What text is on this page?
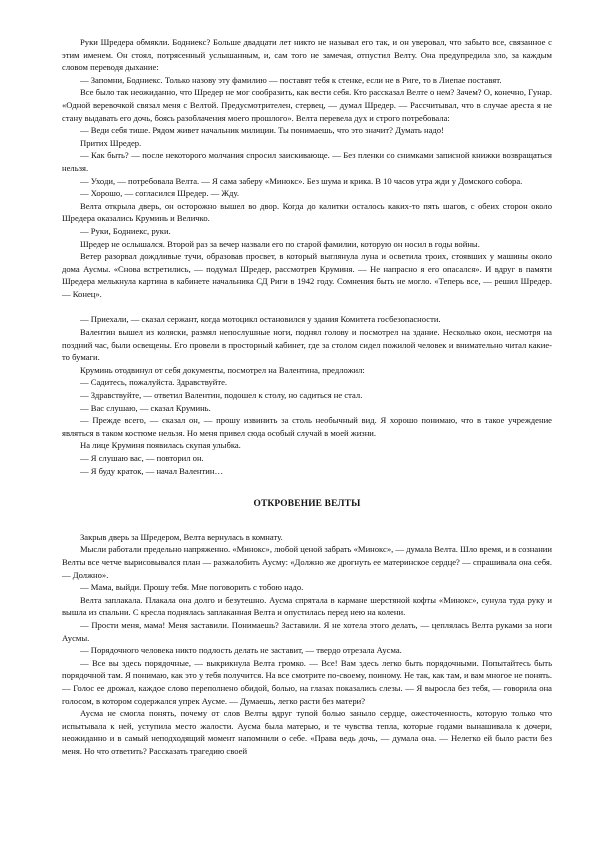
Руки Шредера обмякли. Бодниекс? Больше двадцати лет никто не называл его так, и он уверовал, что забыто все, связанное с этим именем. Он стоял, потрясенный услышанным, и, сам того не замечая, отпустил Велту. Она предупредила зло, за каждым словом переводя дыхание:

— Запомни, Бодниекс. Только назову эту фамилию — поставят тебя к стенке, если не в Риге, то в Лиепае поставят.

Все было так неожиданно, что Шредер не мог сообразить, как вести себя. Кто рассказал Велте о нем? Зачем? О, конечно, Гунар. «Одной веревочкой связал меня с Велтой. Предусмотрителен, стервец, — думал Шредер. — Рассчитывал, что в случае ареста я не стану выдавать его дочь, боясь разоблачения моего прошлого». Велта перевела дух и строго потребовала:

— Веди себя тише. Рядом живет начальник милиции. Ты понимаешь, что это значит? Думать надо!

Притих Шредер.

— Как быть? — после некоторого молчания спросил заискивающе. — Без пленки со снимками записной книжки возвращаться нельзя.

— Уходи, — потребовала Велта. — Я сама заберу «Минокс». Без шума и крика. В 10 часов утра жди у Домского собора.

— Хорошо, — согласился Шредер. — Жду.

Велта открыла дверь, он осторожно вышел во двор. Когда до калитки осталось каких-то пять шагов, с обеих сторон около Шредера оказались Круминь и Величко.

— Руки, Бодниекс, руки.

Шредер не ослышался. Второй раз за вечер назвали его по старой фамилии, которую он носил в годы войны.

Ветер разорвал дождливые тучи, образовав просвет, в который выглянула луна и осветила троих, стоявших у машины около дома Аусмы. «Снова встретились, — подумал Шредер, рассмотрев Круминя. — Не напрасно я его опасался». И вдруг в памяти Шредера мелькнула картина в кабинете начальника СД Риги в 1942 году. Сомнения быть не могло. «Теперь все, — решил Шредер. — Конец».

— Приехали, — сказал сержант, когда мотоцикл остановился у здания Комитета госбезопасности.

Валентин вышел из коляски, размял непослушные ноги, поднял голову и посмотрел на здание. Несколько окон, несмотря на поздний час, были освещены. Его провели в просторный кабинет, где за столом сидел пожилой человек и внимательно читал какие-то бумаги.

Круминь отодвинул от себя документы, посмотрел на Валентина, предложил:

— Садитесь, пожалуйста. Здравствуйте.

— Здравствуйте, — ответил Валентин, подошел к столу, но садиться не стал.

— Вас слушаю, — сказал Круминь.

— Прежде всего, — сказал он, — прошу извинить за столь необычный вид. Я хорошо понимаю, что в такое учреждение являться в таком костюме нельзя. Но меня привел сюда особый случай в моей жизни.

На лице Круминя появилась скупая улыбка.

— Я слушаю вас, — повторил он.

— Я буду краток, — начал Валентин…

ОТКРОВЕНИЕ ВЕЛТЫ

Закрыв дверь за Шредером, Велта вернулась в комнату.

Мысли работали предельно напряженно. «Минокс», любой ценой забрать «Минокс», — думала Велта. Шло время, и в сознании Велты все четче вырисовывался план — разжалобить Аусму: «Должно же дрогнуть ее материнское сердце? — спрашивала она себя. — Должно».

— Мама, выйди. Прошу тебя. Мне поговорить с тобою надо.

Велта заплакала. Плакала она долго и безутешно. Аусма спрятала в кармане шерстяной кофты «Минокс», сунула туда руку и вышла из спальни. С кресла поднялась заплаканная Велта и опустилась перед нею на колени.

— Прости меня, мама! Меня заставили. Понимаешь? Заставили. Я не хотела этого делать, — цеплялась Велта руками за ноги Аусмы.

— Порядочного человека никто подлость делать не заставит, — твердо отрезала Аусма.

— Все вы здесь порядочные, — выкрикнула Велта громко. — Все! Вам здесь легко быть порядочными. Попытайтесь быть порядочной там. Я понимаю, как это у тебя получится. На все смотрите по-своему, поиному. Не так, как там, и вам многое не понять. — Голос ее дрожал, каждое слово переполнено обидой, болью, на глазах показались слезы. — Я выросла без тебя, — говорила она голосом, в котором содержался упрек Аусме. — Думаешь, легко расти без матери?

Аусма не смогла понять, почему от слов Велты вдруг тупой болью заныло сердце, ожесточенность, которую только что испытывала к ней, уступила место жалости. Аусма была матерью, и те чувства тепла, которые годами вынашивала к дочери, неожиданно и в самый неподходящий момент напомнили о себе. «Права ведь дочь, — думала она. — Нелегко ей было расти без меня. Но что ответить? Рассказать трагедию своей
